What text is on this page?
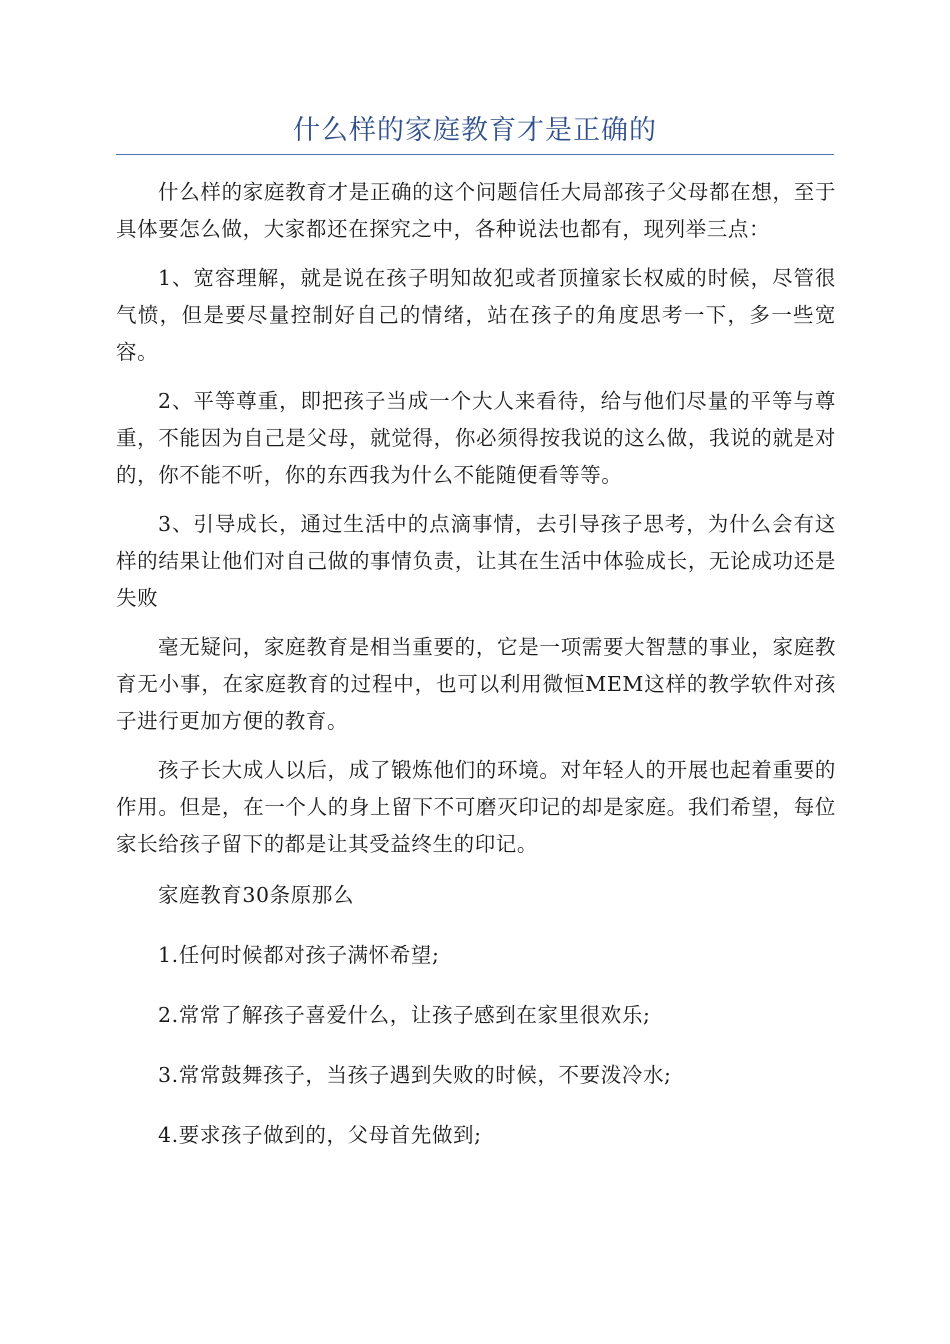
什么样的家庭教育才是正确的

什么样的家庭教育才是正确的这个问题信任大局部孩子父母都在想，至于具体要怎么做，大家都还在探究之中，各种说法也都有，现列举三点：

1、宽容理解，就是说在孩子明知故犯或者顶撞家长权威的时候，尽管很气愤，但是要尽量控制好自己的情绪，站在孩子的角度思考一下，多一些宽容。

2、平等尊重，即把孩子当成一个大人来看待，给与他们尽量的平等与尊重，不能因为自己是父母，就觉得，你必须得按我说的这么做，我说的就是对的，你不能不听，你的东西我为什么不能随便看等等。

3、引导成长，通过生活中的点滴事情，去引导孩子思考，为什么会有这样的结果让他们对自己做的事情负责，让其在生活中体验成长，无论成功还是失败

毫无疑问，家庭教育是相当重要的，它是一项需要大智慧的事业，家庭教育无小事，在家庭教育的过程中，也可以利用微恒MEM这样的教学软件对孩子进行更加方便的教育。

孩子长大成人以后，成了锻炼他们的环境。对年轻人的开展也起着重要的作用。但是，在一个人的身上留下不可磨灭印记的却是家庭。我们希望，每位家长给孩子留下的都是让其受益终生的印记。

家庭教育30条原那么

1.任何时候都对孩子满怀希望;

2.常常了解孩子喜爱什么，让孩子感到在家里很欢乐;

3.常常鼓舞孩子，当孩子遇到失败的时候，不要泼冷水;

4.要求孩子做到的，父母首先做到;
